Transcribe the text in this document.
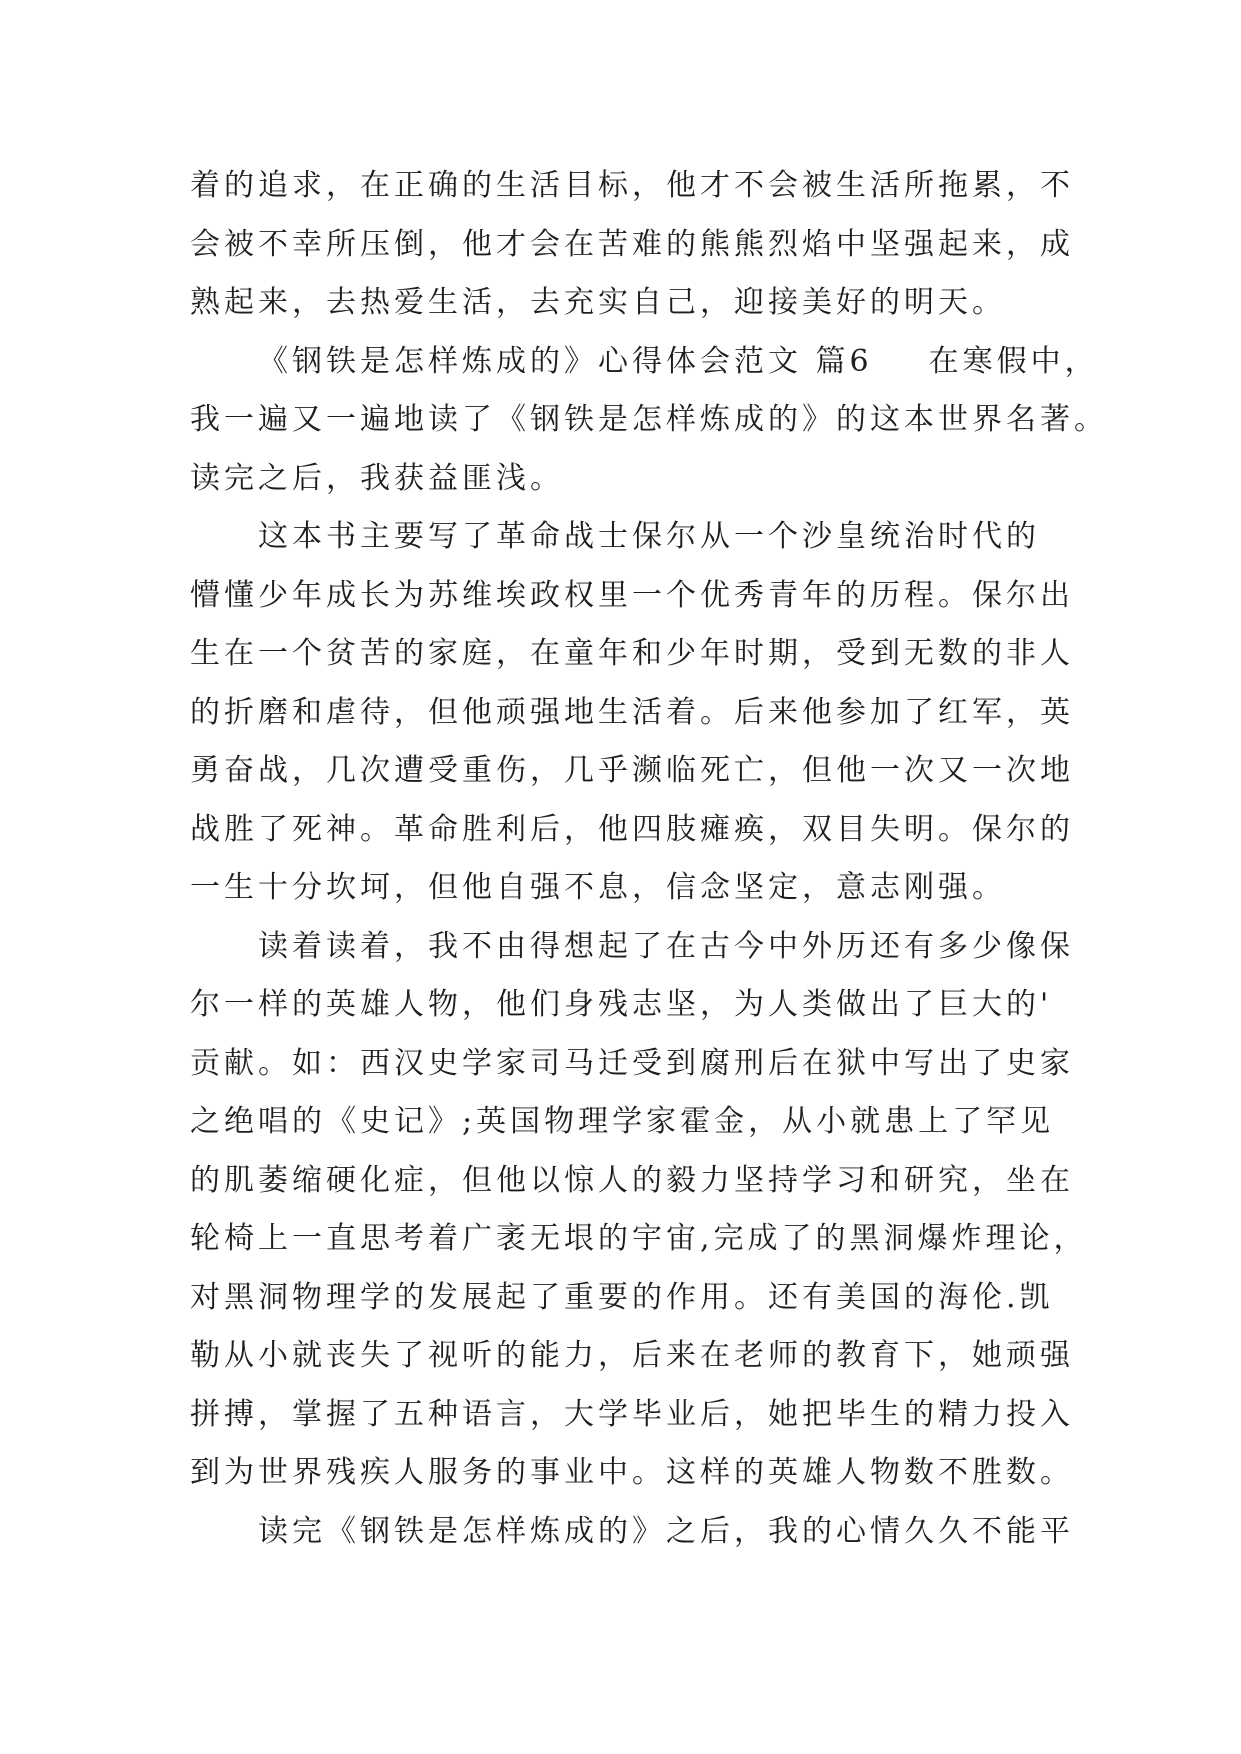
着的追求，在正确的生活目标，他才不会被生活所拖累，不
会被不幸所压倒，他才会在苦难的熊熊烈焰中坚强起来，成
熟起来，去热爱生活，去充实自己，迎接美好的明天。
《钢铁是怎样炼成的》心得体会范文 篇6 在寒假中，
我一遍又一遍地读了《钢铁是怎样炼成的》的这本世界名著。
读完之后，我获益匪浅。
这本书主要写了革命战士保尔从一个沙皇统治时代的
懵懂少年成长为苏维埃政权里一个优秀青年的历程。保尔出
生在一个贫苦的家庭，在童年和少年时期，受到无数的非人
的折磨和虐待，但他顽强地生活着。后来他参加了红军，英
勇奋战，几次遭受重伤，几乎濒临死亡，但他一次又一次地
战胜了死神。革命胜利后，他四肢瘫痪，双目失明。保尔的
一生十分坎坷，但他自强不息，信念坚定，意志刚强。
读着读着，我不由得想起了在古今中外历还有多少像保
尔一样的英雄人物，他们身残志坚，为人类做出了巨大的'
贡献。如：西汉史学家司马迁受到腐刑后在狱中写出了史家
之绝唱的《史记》;英国物理学家霍金，从小就患上了罕见
的肌萎缩硬化症，但他以惊人的毅力坚持学习和研究，坐在
轮椅上一直思考着广袤无垠的宇宙,完成了的黑洞爆炸理论，
对黑洞物理学的发展起了重要的作用。还有美国的海伦.凯
勒从小就丧失了视听的能力，后来在老师的教育下，她顽强
拼搏，掌握了五种语言，大学毕业后，她把毕生的精力投入
到为世界残疾人服务的事业中。这样的英雄人物数不胜数。
读完《钢铁是怎样炼成的》之后，我的心情久久不能平
